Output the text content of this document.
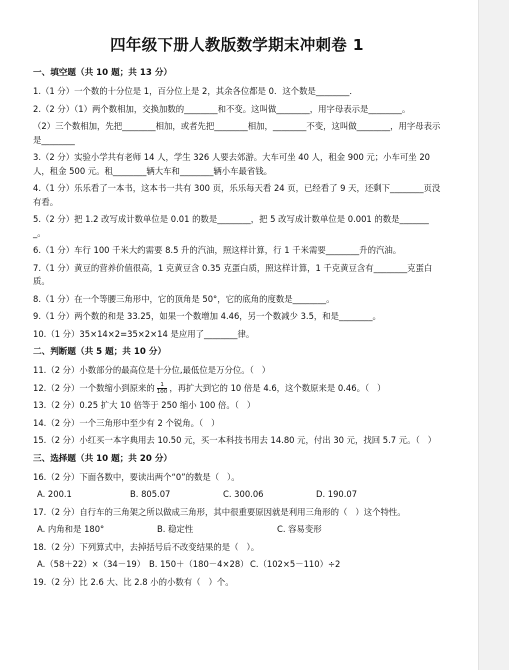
四年级下册人教版数学期末冲刺卷 1
一、填空题（共 10 题；共 13 分）
1.（1 分）一个数的十分位是 1，百分位上是 2，其余各位都是 0．这个数是________．
2.（2 分）（1）两个数相加，交换加数的________和不变。这叫做________，用字母表示是________。
（2）三个数相加，先把________相加，或者先把________相加，________不变，这叫做________，用字母表示是________
3.（2 分）实验小学共有老师 14 人，学生 326 人要去郊游。大车可坐 40 人，租金 900 元；小车可坐 20 人，租金 500 元。租________辆大车和________辆小车最省钱。
4.（1 分）乐乐看了一本书，这本书一共有 300 页，乐乐每天看 24 页，已经看了 9 天，还剩下________页没有看。
5.（2 分）把 1.2 改写成计数单位是 0.01 的数是________，把 5 改写成计数单位是 0.001 的数是________。
6.（1 分）车行 100 千米大约需要 8.5 升的汽油，照这样计算，行 1 千米需要________升的汽油。
7.（1 分）黄豆的营养价值很高，1 克黄豆含 0.35 克蛋白质，照这样计算，1 千克黄豆含有________克蛋白质。
8.（1 分）在一个等腰三角形中，它的顶角是 50°，它的底角的度数是________。
9.（1 分）两个数的和是 33.25，如果一个数增加 4.46，另一个数减少 3.5，和是________。
10.（1 分）35×14×2=35×2×14 是应用了________律。
二、判断题（共 5 题；共 10 分）
11.（2 分）小数部分的最高位是十分位,最低位是万分位。（   ）
12.（2 分）一个数缩小到原来的 $\frac{1}{100}$ ，再扩大到它的 10 倍是 4.6，这个数原来是 0.46。（   ）
13.（2 分）0.25 扩大 10 倍等于 250 缩小 100 倍。（   ）
14.（2 分）一个三角形中至少有 2 个锐角。（   ）
15.（2 分）小红买一本字典用去 10.50 元，买一本科技书用去 14.80 元，付出 30 元，找回 5.7 元。（   ）
三、选择题（共 10 题；共 20 分）
16.（2 分）下面各数中，要读出两个“0”的数是（   ）。
A. 200.1	B. 805.07	C. 300.06	D. 190.07
17.（2 分）自行车的三角架之所以做成三角形，其中很重要原因就是利用三角形的（   ）这个特性。
A. 内角和是 180°	B. 稳定性	C. 容易变形
18.（2 分）下列算式中，去掉括号后不改变结果的是（   ）。
A.（58＋22）×（34－19） B. 150＋（180－4×28） C.（102×5－110）÷2
19.（2 分）比 2.6 大、比 2.8 小的小数有（   ）个。
